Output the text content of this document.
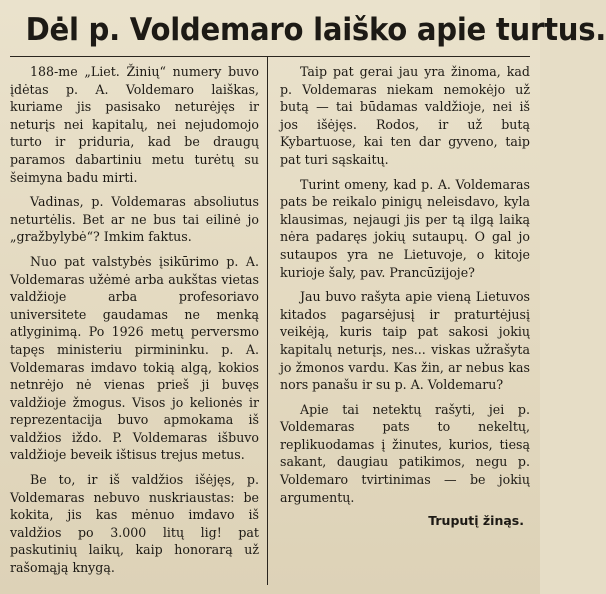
Dėl p. Voldemaro laiško apie turtus.

188-me „Liet. Žinių“ numery buvo įdėtas p. A. Voldemaro laiškas, kuriame jis pasisako neturėjęs ir neturįs nei kapitalų, nei nejudomojo turto ir priduria, kad be draugų paramos dabartiniu metu turėtų su šeimyna badu mirti.

Vadinas, p. Voldemaras absoliutus neturtėlis. Bet ar ne bus tai eilinė jo „gražbylybė“? Imkim faktus.

Nuo pat valstybės įsikūrimo p. A. Voldemaras užėmė arba aukštas vietas valdžioje arba profesoriavo universitete gaudamas ne menką atlyginimą. Po 1926 metų perversmo tapęs ministeriu pirmininku. p. A. Voldemaras imdavo tokią algą, kokios netnrėjo nė vienas prieš ji buvęs valdžioje žmogus. Visos jo kelionės ir reprezentacija buvo apmokama iš valdžios iždo. P. Voldemaras išbuvo valdžioje beveik ištisus trejus metus.

Be to, ir iš valdžios išėjęs, p. Voldemaras nebuvo nuskriaustas: be kokita, jis kas mėnuo imdavo iš valdžios po 3.000 litų lig! pat paskutinių laikų, kaip honorarą už rašomąją knygą.

Taip pat gerai jau yra žinoma, kad p. Voldemaras niekam nemokėjo už butą — tai būdamas valdžioje, nei iš jos išėjęs. Rodos, ir už butą Kybartuose, kai ten dar gyveno, taip pat turi sąskaitų.

Turint omeny, kad p. A. Voldemaras pats be reikalo pinigų neleisdavo, kyla klausimas, nejaugi jis per tą ilgą laiką nėra padaręs jokių sutaupų. O gal jo sutaupos yra ne Lietuvoje, o kitoje kurioje šaly, pav. Prancūzijoje?

Jau buvo rašyta apie vieną Lietuvos kitados pagarsėjusį ir praturtėjusį veikėją, kuris taip pat sakosi jokių kapitalų neturįs, nes... viskas užrašyta jo žmonos vardu. Kas žin, ar nebus kas nors panašu ir su p. A. Voldemaru?

Apie tai netektų rašyti, jei p. Voldemaras pats to nekeltų, replikuodamas į žinutes, kurios, tiesą sakant, daugiau patikimos, negu p. Voldemaro tvirtinimas — be jokių argumentų.

Truputį žinąs.
